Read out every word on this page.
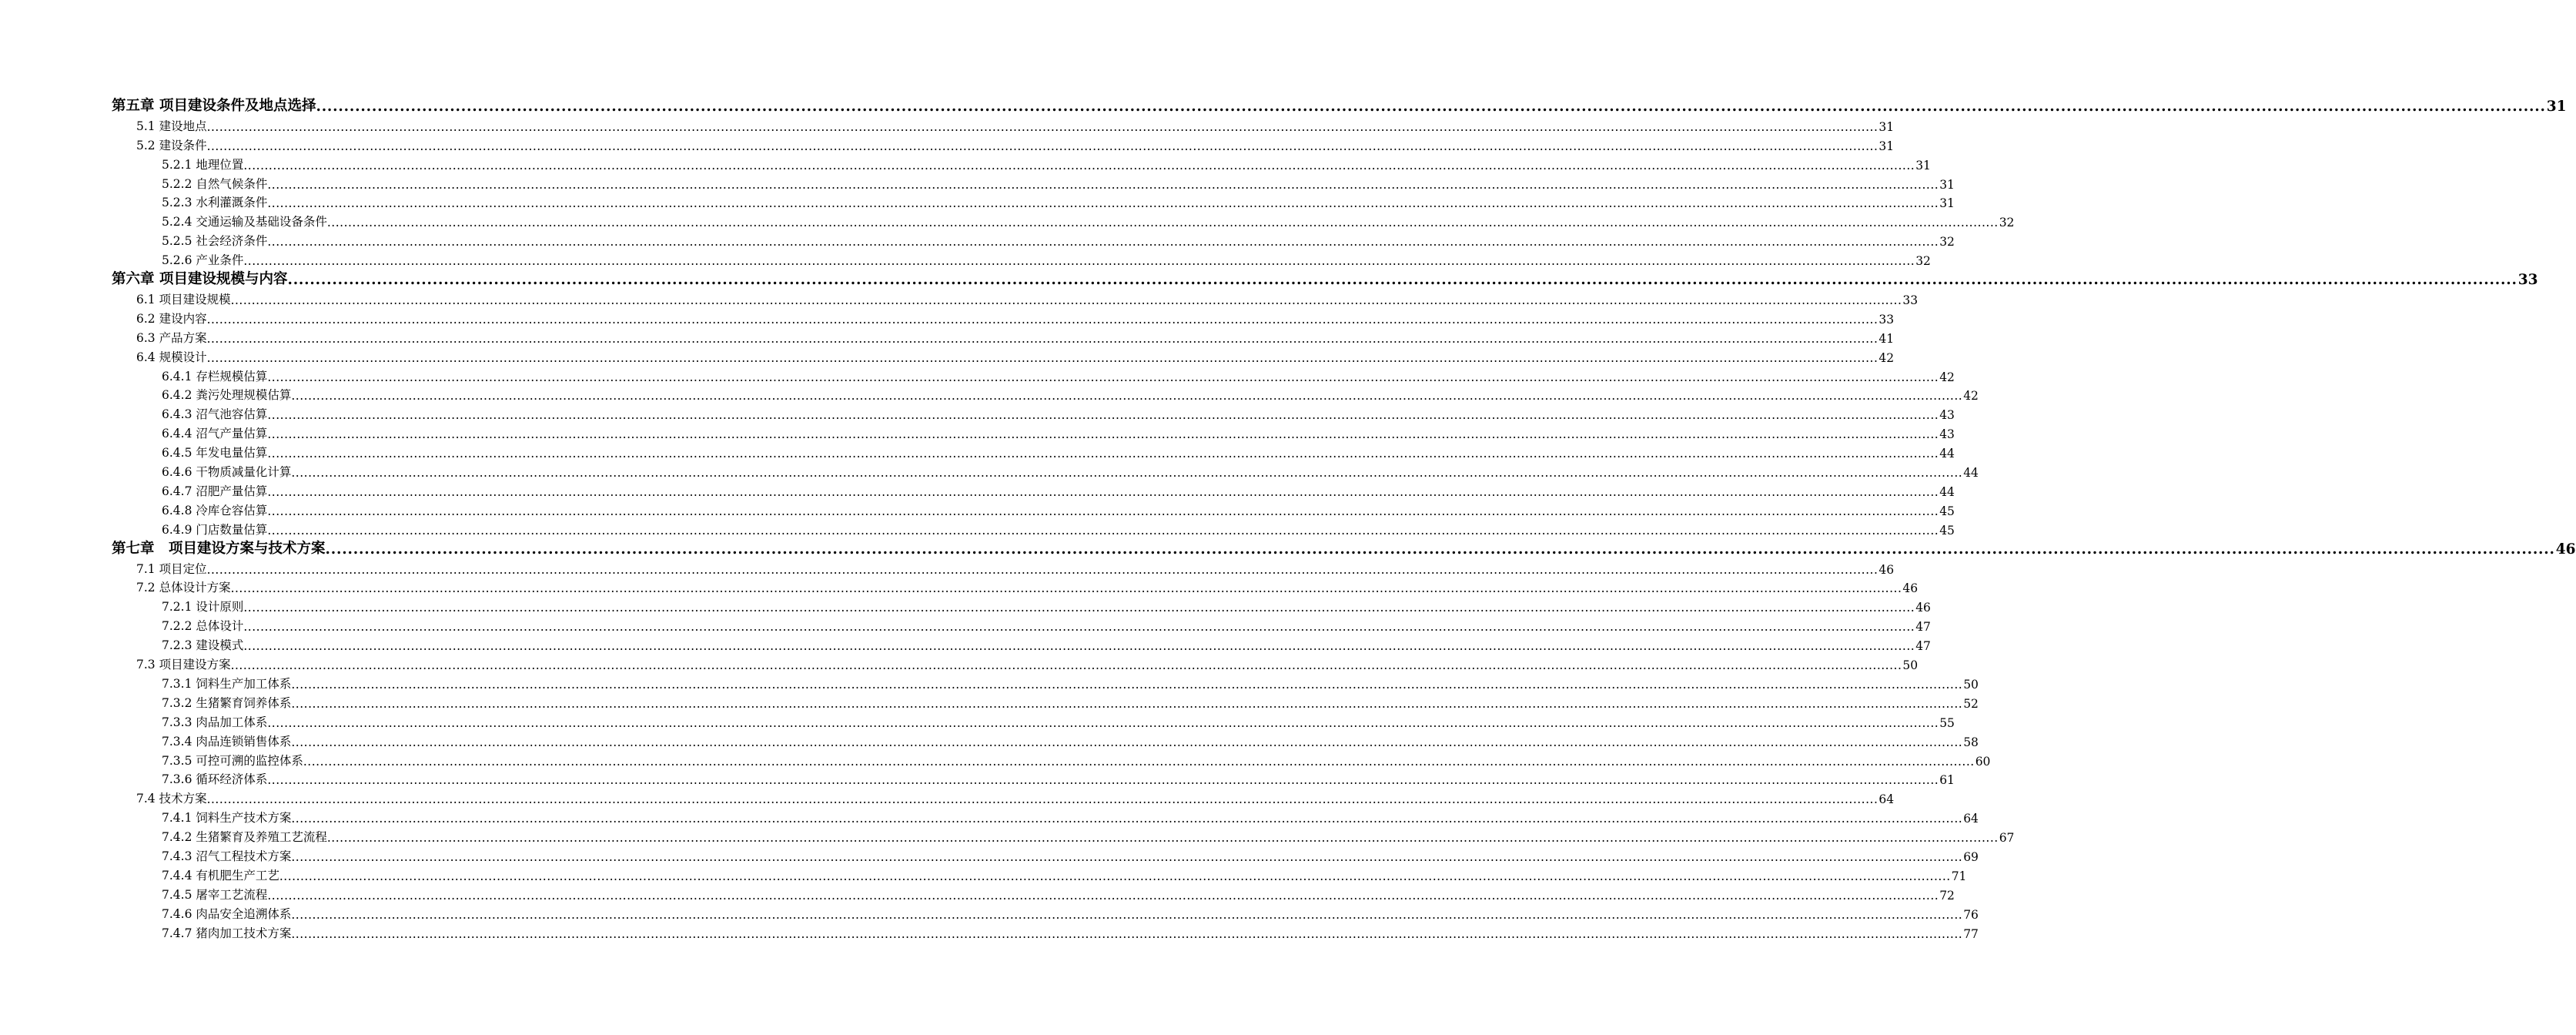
第五章 项目建设条件及地点选择 ................................................................................................................................................................................................................................................................................................................................................................................................................ 31
5.1 建设地点 ................................................................................................................................................................................................................................................................................................................................................................................................................ 31
5.2 建设条件 ................................................................................................................................................................................................................................................................................................................................................................................................................ 31
5.2.1 地理位置 ................................................................................................................................................................................................................................................................................................................................................................................................................ 31
5.2.2 自然气候条件 ................................................................................................................................................................................................................................................................................................................................................................................................................ 31
5.2.3 水利灌溉条件 ................................................................................................................................................................................................................................................................................................................................................................................................................ 31
5.2.4 交通运输及基础设备条件 ................................................................................................................................................................................................................................................................................................................................................................................................................ 32
5.2.5 社会经济条件 ................................................................................................................................................................................................................................................................................................................................................................................................................ 32
5.2.6 产业条件 ................................................................................................................................................................................................................................................................................................................................................................................................................ 32
第六章 项目建设规模与内容 ................................................................................................................................................................................................................................................................................................................................................................................................................ 33
6.1 项目建设规模 ................................................................................................................................................................................................................................................................................................................................................................................................................ 33
6.2 建设内容 ................................................................................................................................................................................................................................................................................................................................................................................................................ 33
6.3 产品方案 ................................................................................................................................................................................................................................................................................................................................................................................................................ 41
6.4 规模设计 ................................................................................................................................................................................................................................................................................................................................................................................................................ 42
6.4.1 存栏规模估算 ................................................................................................................................................................................................................................................................................................................................................................................................................ 42
6.4.2 粪污处理规模估算 ................................................................................................................................................................................................................................................................................................................................................................................................................ 42
6.4.3 沼气池容估算 ................................................................................................................................................................................................................................................................................................................................................................................................................ 43
6.4.4 沼气产量估算 ................................................................................................................................................................................................................................................................................................................................................................................................................ 43
6.4.5 年发电量估算 ................................................................................................................................................................................................................................................................................................................................................................................................................ 44
6.4.6 干物质减量化计算 ................................................................................................................................................................................................................................................................................................................................................................................................................ 44
6.4.7 沼肥产量估算 ................................................................................................................................................................................................................................................................................................................................................................................................................ 44
6.4.8 冷库仓容估算 ................................................................................................................................................................................................................................................................................................................................................................................................................ 45
6.4.9 门店数量估算 ................................................................................................................................................................................................................................................................................................................................................................................................................ 45
第七章　项目建设方案与技术方案 ................................................................................................................................................................................................................................................................................................................................................................................................................ 46
7.1 项目定位 ................................................................................................................................................................................................................................................................................................................................................................................................................ 46
7.2 总体设计方案 ................................................................................................................................................................................................................................................................................................................................................................................................................ 46
7.2.1 设计原则 ................................................................................................................................................................................................................................................................................................................................................................................................................ 46
7.2.2 总体设计 ................................................................................................................................................................................................................................................................................................................................................................................................................ 47
7.2.3 建设模式 ................................................................................................................................................................................................................................................................................................................................................................................................................ 47
7.3 项目建设方案 ................................................................................................................................................................................................................................................................................................................................................................................................................ 50
7.3.1 饲料生产加工体系 ................................................................................................................................................................................................................................................................................................................................................................................................................ 50
7.3.2 生猪繁育饲养体系 ................................................................................................................................................................................................................................................................................................................................................................................................................ 52
7.3.3 肉品加工体系 ................................................................................................................................................................................................................................................................................................................................................................................................................ 55
7.3.4 肉品连锁销售体系 ................................................................................................................................................................................................................................................................................................................................................................................................................ 58
7.3.5 可控可溯的监控体系 ................................................................................................................................................................................................................................................................................................................................................................................................................ 60
7.3.6 循环经济体系 ................................................................................................................................................................................................................................................................................................................................................................................................................ 61
7.4 技术方案 ................................................................................................................................................................................................................................................................................................................................................................................................................ 64
7.4.1 饲料生产技术方案 ................................................................................................................................................................................................................................................................................................................................................................................................................ 64
7.4.2 生猪繁育及养殖工艺流程 ................................................................................................................................................................................................................................................................................................................................................................................................................ 67
7.4.3 沼气工程技术方案 ................................................................................................................................................................................................................................................................................................................................................................................................................ 69
7.4.4 有机肥生产工艺 ................................................................................................................................................................................................................................................................................................................................................................................................................ 71
7.4.5 屠宰工艺流程 ................................................................................................................................................................................................................................................................................................................................................................................................................ 72
7.4.6 肉品安全追溯体系 ................................................................................................................................................................................................................................................................................................................................................................................................................ 76
7.4.7 猪肉加工技术方案 ................................................................................................................................................................................................................................................................................................................................................................................................................ 77
